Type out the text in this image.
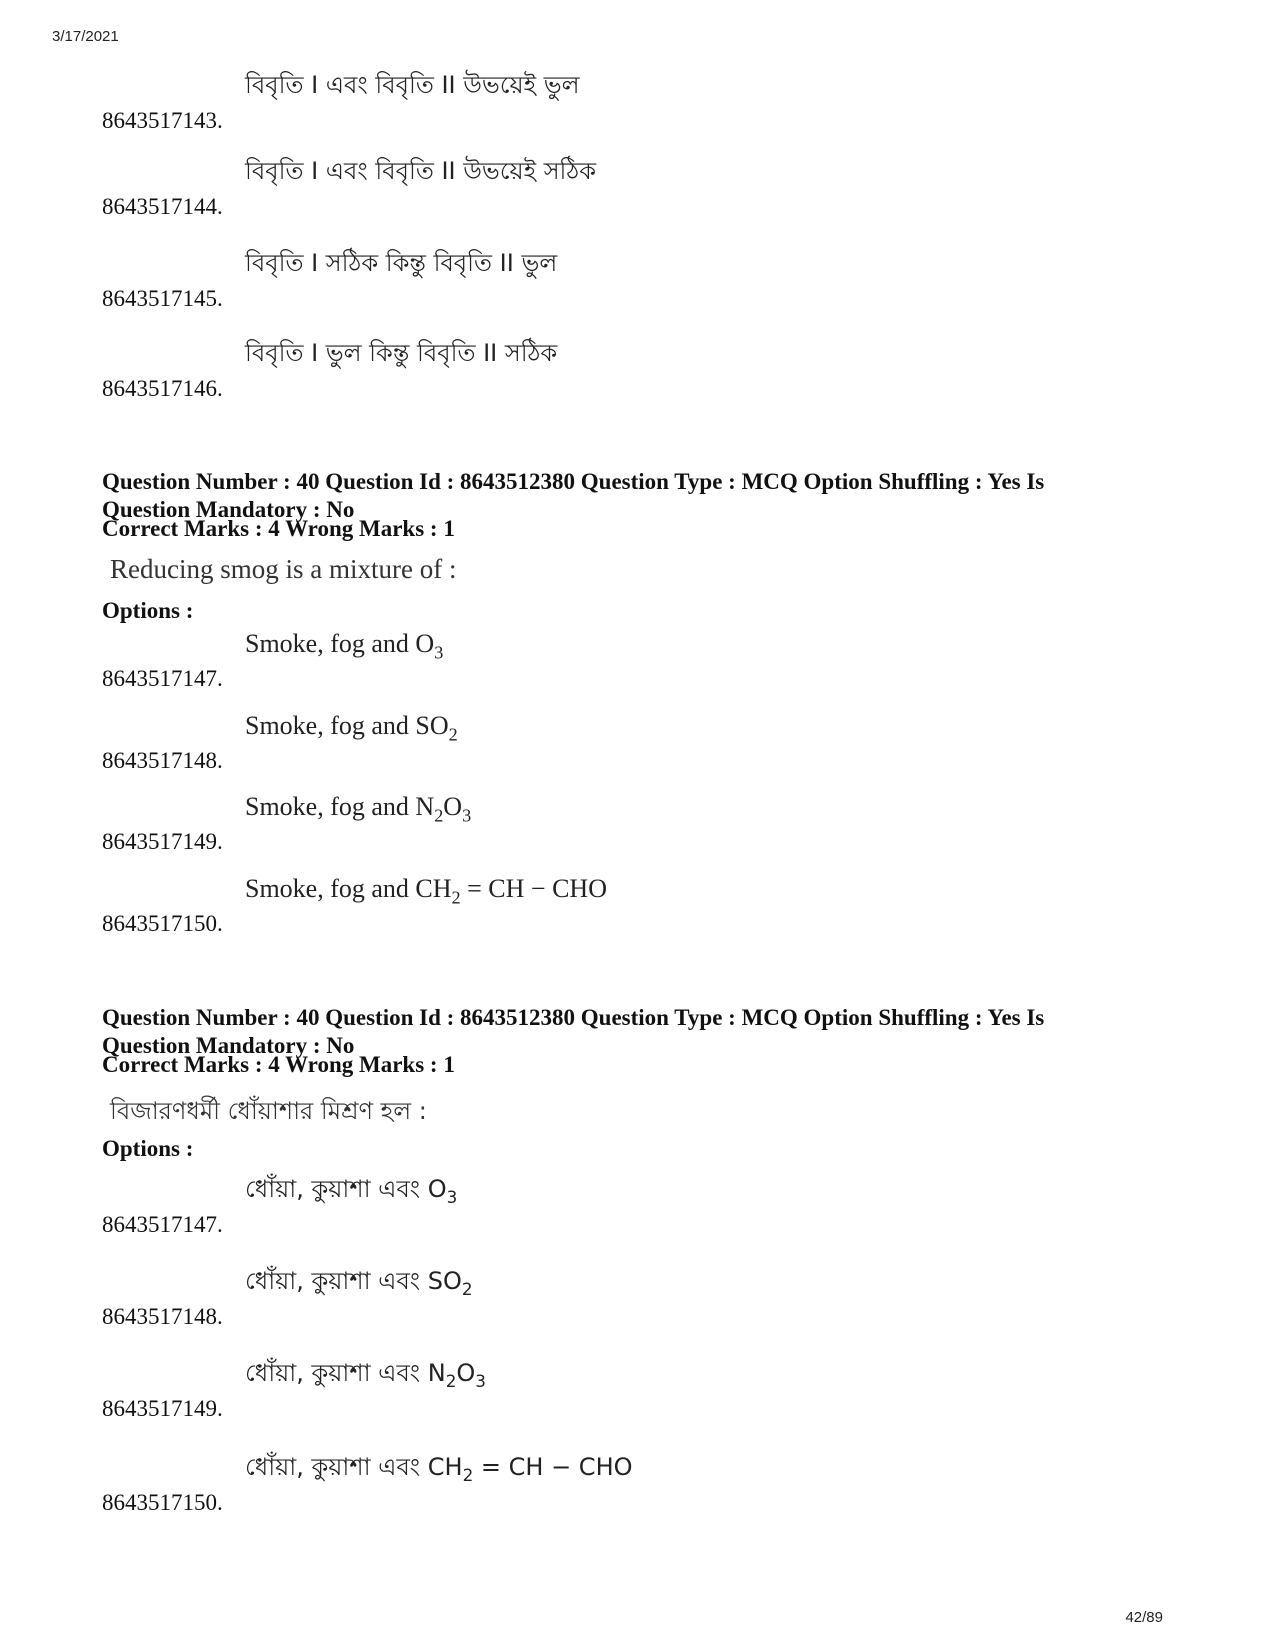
3/17/2021
8643517143.
বিবৃতি I এবং বিবৃতি II উভয়েই ভুল
8643517144.
বিবৃতি I এবং বিবৃতি II উভয়েই সঠিক
8643517145.
বিবৃতি I সঠিক কিন্তু বিবৃতি II ভুল
8643517146.
বিবৃতি I ভুল কিন্তু বিবৃতি II সঠিক
Question Number : 40 Question Id : 8643512380 Question Type : MCQ Option Shuffling : Yes Is
Question Mandatory : No
Correct Marks : 4 Wrong Marks : 1
Reducing smog is a mixture of :
Options :
8643517147.
Smoke, fog and $O_3$
8643517148.
Smoke, fog and $SO_2$
8643517149.
Smoke, fog and $N_2O_3$
8643517150.
Smoke, fog and $CH_2$ = CH − CHO
Question Number : 40 Question Id : 8643512380 Question Type : MCQ Option Shuffling : Yes Is
Question Mandatory : No
Correct Marks : 4 Wrong Marks : 1
বিজারণধর্মী ধোঁয়াশার মিশ্রণ হল :
Options :
8643517147.
ধোঁয়া, কুয়াশা এবং $O_3$
8643517148.
ধোঁয়া, কুয়াশা এবং $SO_2$
8643517149.
ধোঁয়া, কুয়াশা এবং $N_2O_3$
8643517150.
ধোঁয়া, কুয়াশা এবং $CH_2$ = CH − CHO
42/89
